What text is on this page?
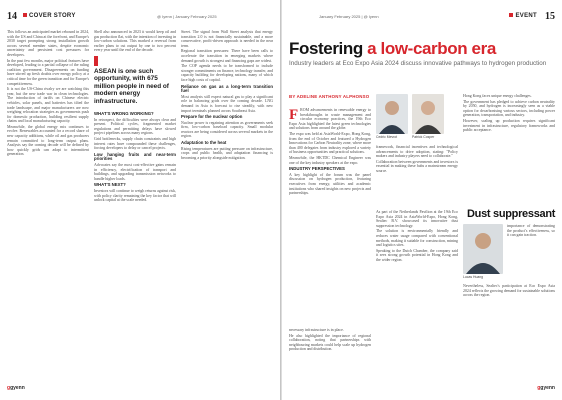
14	COVER STORY	@ Iyenn | January February 2025

This follows an anticipated market rebound in 2024, with the US and China at the forefront, and Europe's 2030 target prompting strong installation growth across several member states, despite economic uncertainty and persistent cost pressures for developers.

In the past few months, major political features have developed, leading to a partial collapse of the ruling coalition government. Disagreements on funding have stirred up fresh doubts over energy policy at a critical time for the green transition and for Europe's competitiveness.

It is not the US-China rivalry we are watching this year, but the new trade war in clean technologies. The introduction of tariffs on Chinese electric vehicles, solar panels, and batteries has tilted the trade landscape, and major manufacturers are now weighing relocation strategies as governments push for domestic production, building resilient supply chains and local manufacturing capacity.

Meanwhile, the global energy mix continues to evolve. Renewables accounted for a record share of new capacity additions, while oil and gas producers remain committed to long-term output plans. Analysts say the coming decade will be defined by how quickly grids can adapt to intermittent generation.

Shell also announced in 2023 it would keep oil and gas production flat, with the intention of investing in low-carbon solutions. This marked a reversal from earlier plans to cut output by one to two percent every year until the end of the decade.

ASEAN is one such opportunity, with 675 million people in need of modern energy infrastructure.
WHAT'S WRONG WORKING?

In retrospect, the difficulties were always clear and present. Political cycles, fragmented market regulations and permitting delays have slowed project pipelines across many regions.

Grid bottlenecks, supply chain constraints and high interest rates have compounded these challenges, forcing developers to delay or cancel projects.

Low hanging fruits and near-term priorities

Advocates say the most cost-effective gains remain in efficiency, electrification of transport and buildings, and upgrading transmission networks to handle higher loads.

WHAT'S NEXT?

Investors will continue to weigh returns against risk, with policy clarity remaining the key factor that will unlock capital at the scale needed.

Street. The signal from Wall Street analysts that energy transition 2.0 is not financially sustainable, and a more conservative, profit-driven approach is needed in the near term.

Regional transition pressures: There have been calls to accelerate the transition in emerging markets where demand growth is strongest and financing gaps are widest.

The COP agenda needs to be transformed to include stronger commitments on finance, technology transfer, and capacity building for developing nations, many of which face high costs of capital.

Reliance on gas as a long-term transition fuel

Most analysts still expect natural gas to play a significant role in balancing grids over the coming decade. LNG demand in Asia is forecast to rise steadily, with new import terminals planned across Southeast Asia.

Prepare for the nuclear option

Nuclear power is regaining attention as governments seek firm, low-carbon baseload capacity. Small modular reactors are being considered across several markets in the region.

Adaptation to the heat

Rising temperatures are putting pressure on infrastructure, crops and public health, and adaptation financing is becoming a priority alongside mitigation.

ggyenn
January February 2025 | @ Iyenn	EVENT 15
Fostering a low-carbon era
Industry leaders at Eco Expo Asia 2024 discuss innovative pathways to hydrogen production
BY ADELINE ANTHONY ALPHONSO

FROM advancements in renewable energy to breakthroughs in waste management and circular economy practices, the 19th Eco Expo Asia highlighted the latest green technologies and solutions from around the globe.

The expo was held at AsiaWorld-Expo, Hong Kong, from the end of October and featured a Hydrogen Innovations for Carbon Neutrality zone, where more than 400 delegates from industry explored a variety of business opportunities and practical solutions.

Meanwhile, the HKTDC Chemical Engineer was one of the key industry speakers at the expo.

INDUSTRY PERSPECTIVES

A key highlight of the forum was the panel discussion on hydrogen production, featuring executives from energy, utilities and academic institutions who shared insights on new projects and partnerships.

Cedric Mevrot	Patrick Cosper

framework, financial incentives and technological advancements to drive adoption, stating: "Policy makers and industry players need to collaborate."

Collaboration between governments and investors is essential in making these hubs a mainstream energy source.

Hong Kong faces unique energy challenges.

The government has pledged to achieve carbon neutrality by 2050, and hydrogen is increasingly seen as a viable option for decarbonising various sectors, including power generation, transportation, and industry.

However, scaling up production requires significant investment in infrastructure, regulatory frameworks and public acceptance.

Dust suppressant

As part of the Netherlands Pavilion at the 19th Eco Expo Asia 2024 in AsiaWorld-Expo, Hong Kong, Sealtec B.V. showcased its innovative dust suppression technology.

The solution is environmentally friendly and reduces water usage compared with conventional methods, making it suitable for construction, mining and logistics sites.

Speaking to the Dutch Chamber, the company said it sees strong growth potential in Hong Kong and the wider region.

Lucas Huang

importance of demonstrating the product's effectiveness, so it can gain traction.

Nevertheless, Sealtec's participation at Eco Expo Asia 2024 reflects the growing demand for sustainable solutions across the region.

necessary infrastructure is in place.

He also highlighted the importance of regional collaboration, noting that partnerships with neighbouring markets could help scale up hydrogen production and distribution.

ggyenn
